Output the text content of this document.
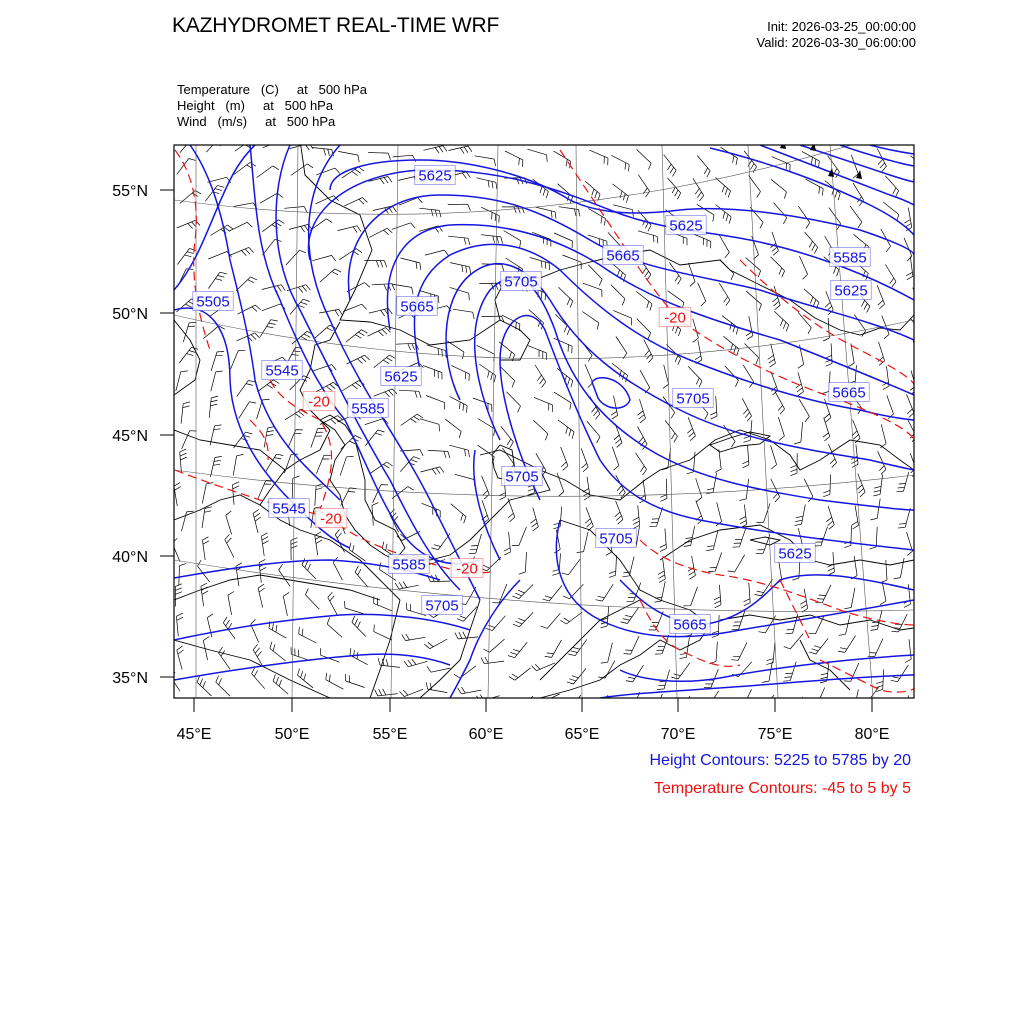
KAZHYDROMET REAL-TIME WRF	Init: 2026-03-25_00:00:00
Valid: 2026-03-30_06:00:00
Temperature   (C)     at   500 hPa
Height   (m)     at   500 hPa
Wind   (m/s)     at   500 hPa
55°N
50°N
45°N
40°N
35°N
45°E	50°E	55°E	60°E	65°E	70°E	75°E	80°E
5625
5625
5665	5585
5705
5625
5505	5665
5545	5625
5585
5705	5665
5545
5705
5705
5585
5625
5705
5665
-20
-20
-20
-20
Height Contours: 5225 to 5785 by 20
Temperature Contours: -45 to 5 by 5
